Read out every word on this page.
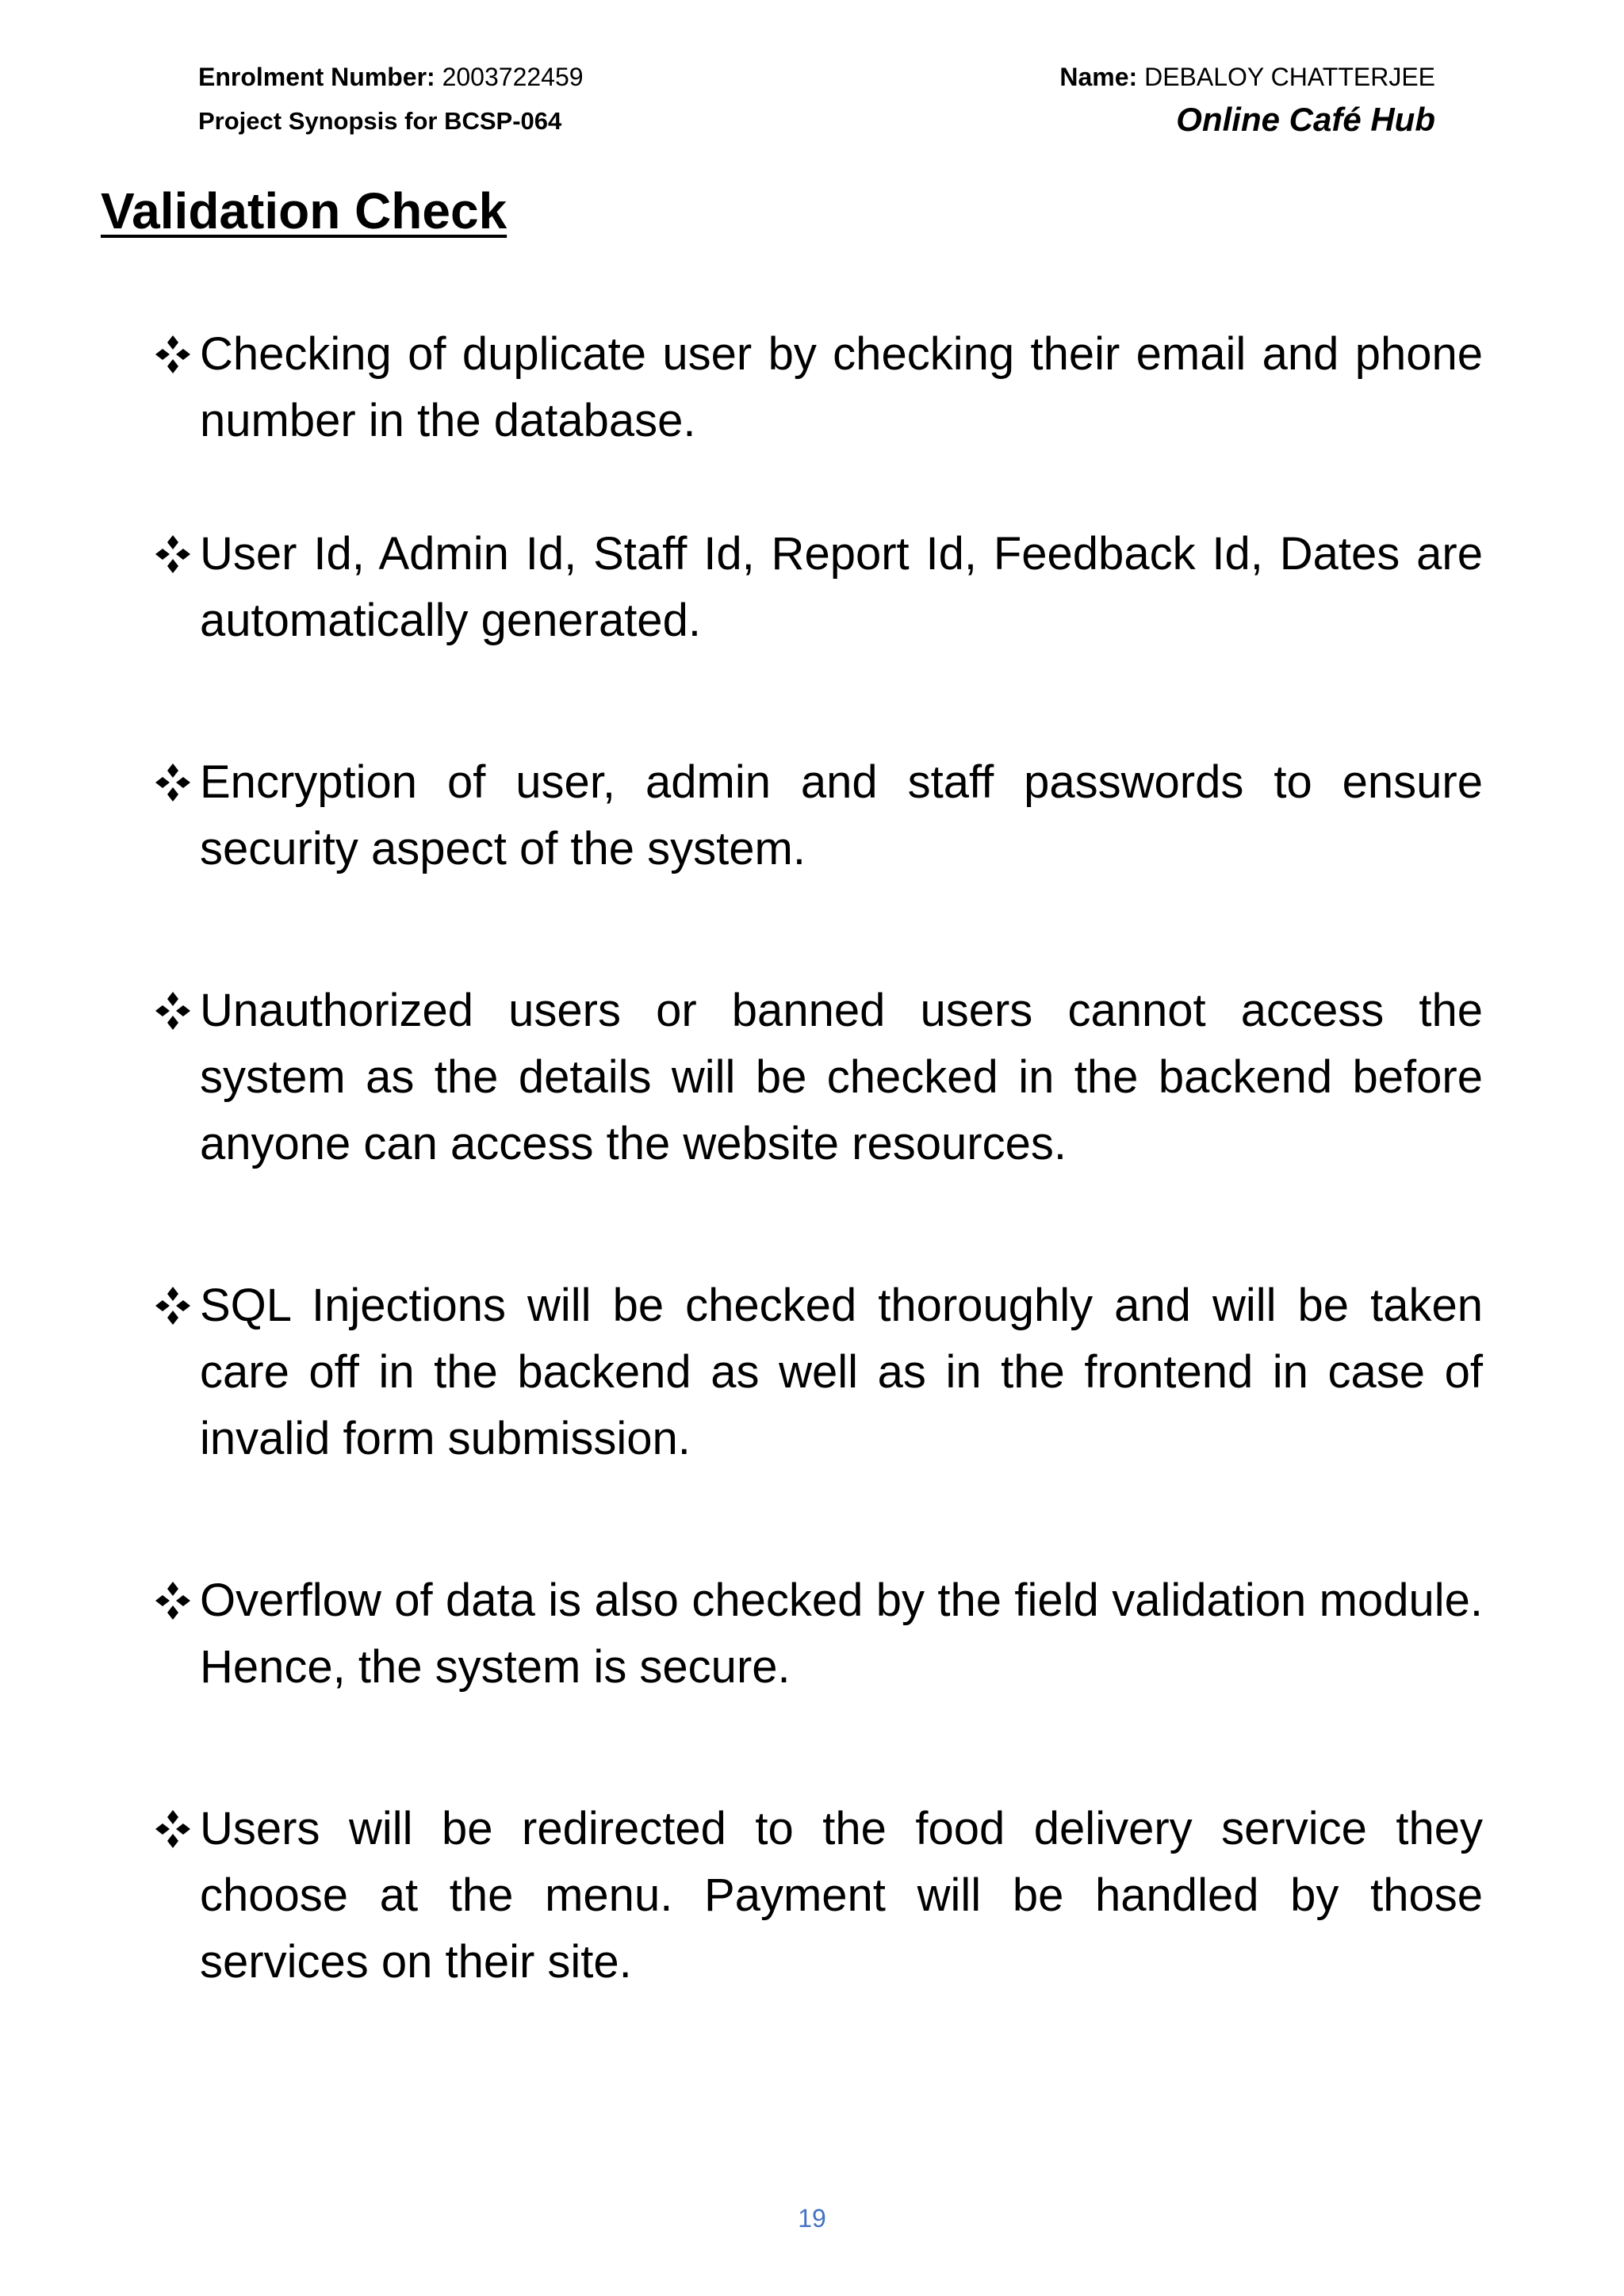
Enrolment Number: 2003722459
Project Synopsis for BCSP-064
Name: DEBALOY CHATTERJEE
Online Café Hub
Validation Check
Checking of duplicate user by checking their email and phone number in the database.
User Id, Admin Id, Staff Id, Report Id, Feedback Id, Dates are automatically generated.
Encryption of user, admin and staff passwords to ensure security aspect of the system.
Unauthorized users or banned users cannot access the system as the details will be checked in the backend before anyone can access the website resources.
SQL Injections will be checked thoroughly and will be taken care off in the backend as well as in the frontend in case of invalid form submission.
Overflow of data is also checked by the field validation module. Hence, the system is secure.
Users will be redirected to the food delivery service they choose at the menu. Payment will be handled by those services on their site.
19
